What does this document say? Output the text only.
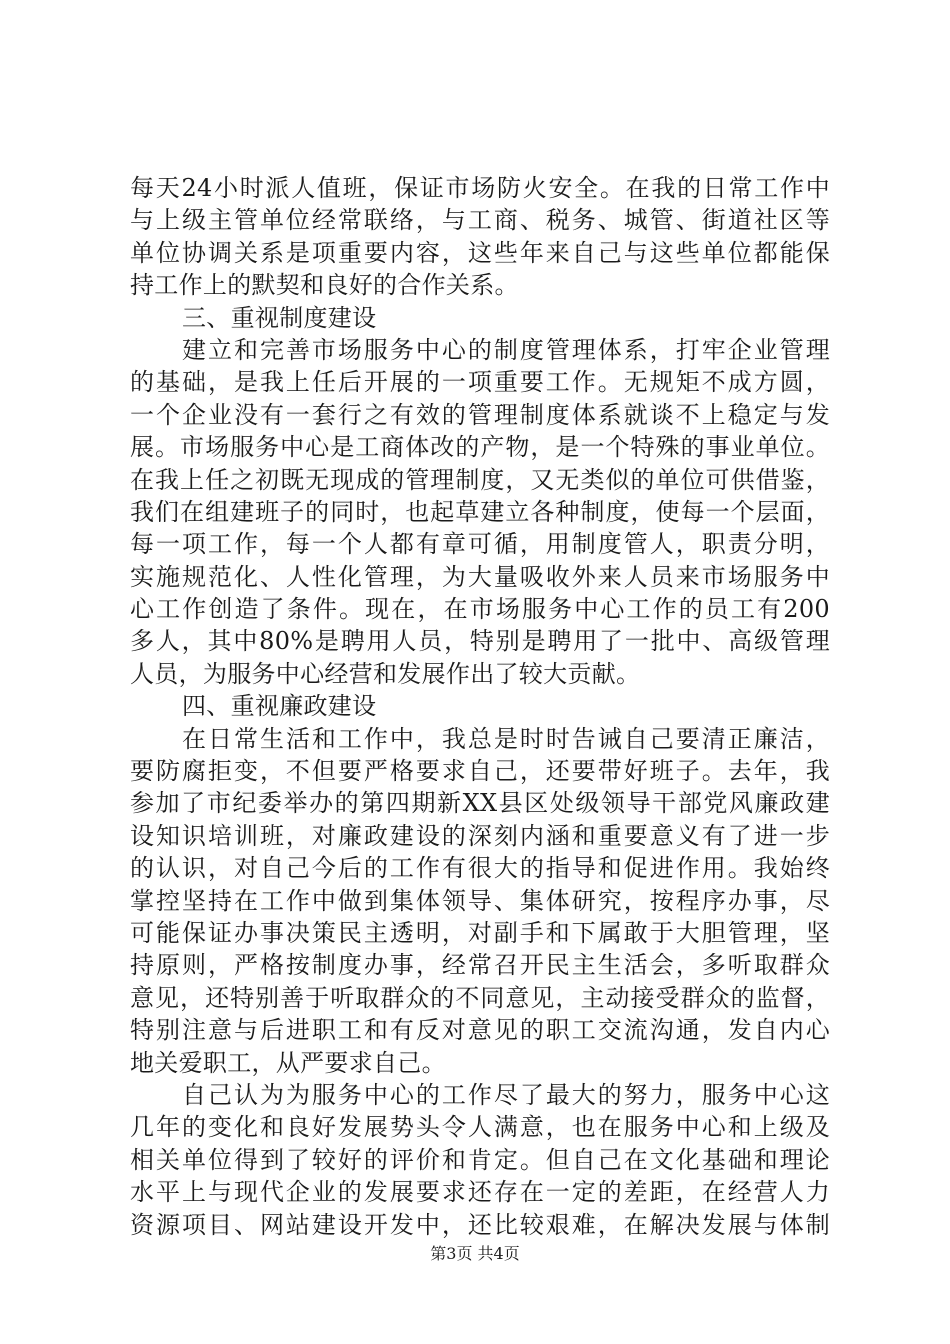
每天24小时派人值班，保证市场防火安全。在我的日常工作中
与上级主管单位经常联络，与工商、税务、城管、街道社区等
单位协调关系是项重要内容，这些年来自己与这些单位都能保
持工作上的默契和良好的合作关系。
三、重视制度建设
建立和完善市场服务中心的制度管理体系，打牢企业管理
的基础，是我上任后开展的一项重要工作。无规矩不成方圆，
一个企业没有一套行之有效的管理制度体系就谈不上稳定与发
展。市场服务中心是工商体改的产物，是一个特殊的事业单位。
在我上任之初既无现成的管理制度，又无类似的单位可供借鉴，
我们在组建班子的同时，也起草建立各种制度，使每一个层面，
每一项工作，每一个人都有章可循，用制度管人，职责分明，
实施规范化、人性化管理，为大量吸收外来人员来市场服务中
心工作创造了条件。现在，在市场服务中心工作的员工有200
多人，其中80%是聘用人员，特别是聘用了一批中、高级管理
人员，为服务中心经营和发展作出了较大贡献。
四、重视廉政建设
在日常生活和工作中，我总是时时告诫自己要清正廉洁，
要防腐拒变，不但要严格要求自己，还要带好班子。去年，我
参加了市纪委举办的第四期新XX县区处级领导干部党风廉政建
设知识培训班，对廉政建设的深刻内涵和重要意义有了进一步
的认识，对自己今后的工作有很大的指导和促进作用。我始终
掌控坚持在工作中做到集体领导、集体研究，按程序办事，尽
可能保证办事决策民主透明，对副手和下属敢于大胆管理，坚
持原则，严格按制度办事，经常召开民主生活会，多听取群众
意见，还特别善于听取群众的不同意见，主动接受群众的监督，
特别注意与后进职工和有反对意见的职工交流沟通，发自内心
地关爱职工，从严要求自己。
自己认为为服务中心的工作尽了最大的努力，服务中心这
几年的变化和良好发展势头令人满意，也在服务中心和上级及
相关单位得到了较好的评价和肯定。但自己在文化基础和理论
水平上与现代企业的发展要求还存在一定的差距，在经营人力
资源项目、网站建设开发中，还比较艰难，在解决发展与体制
第3页 共4页
